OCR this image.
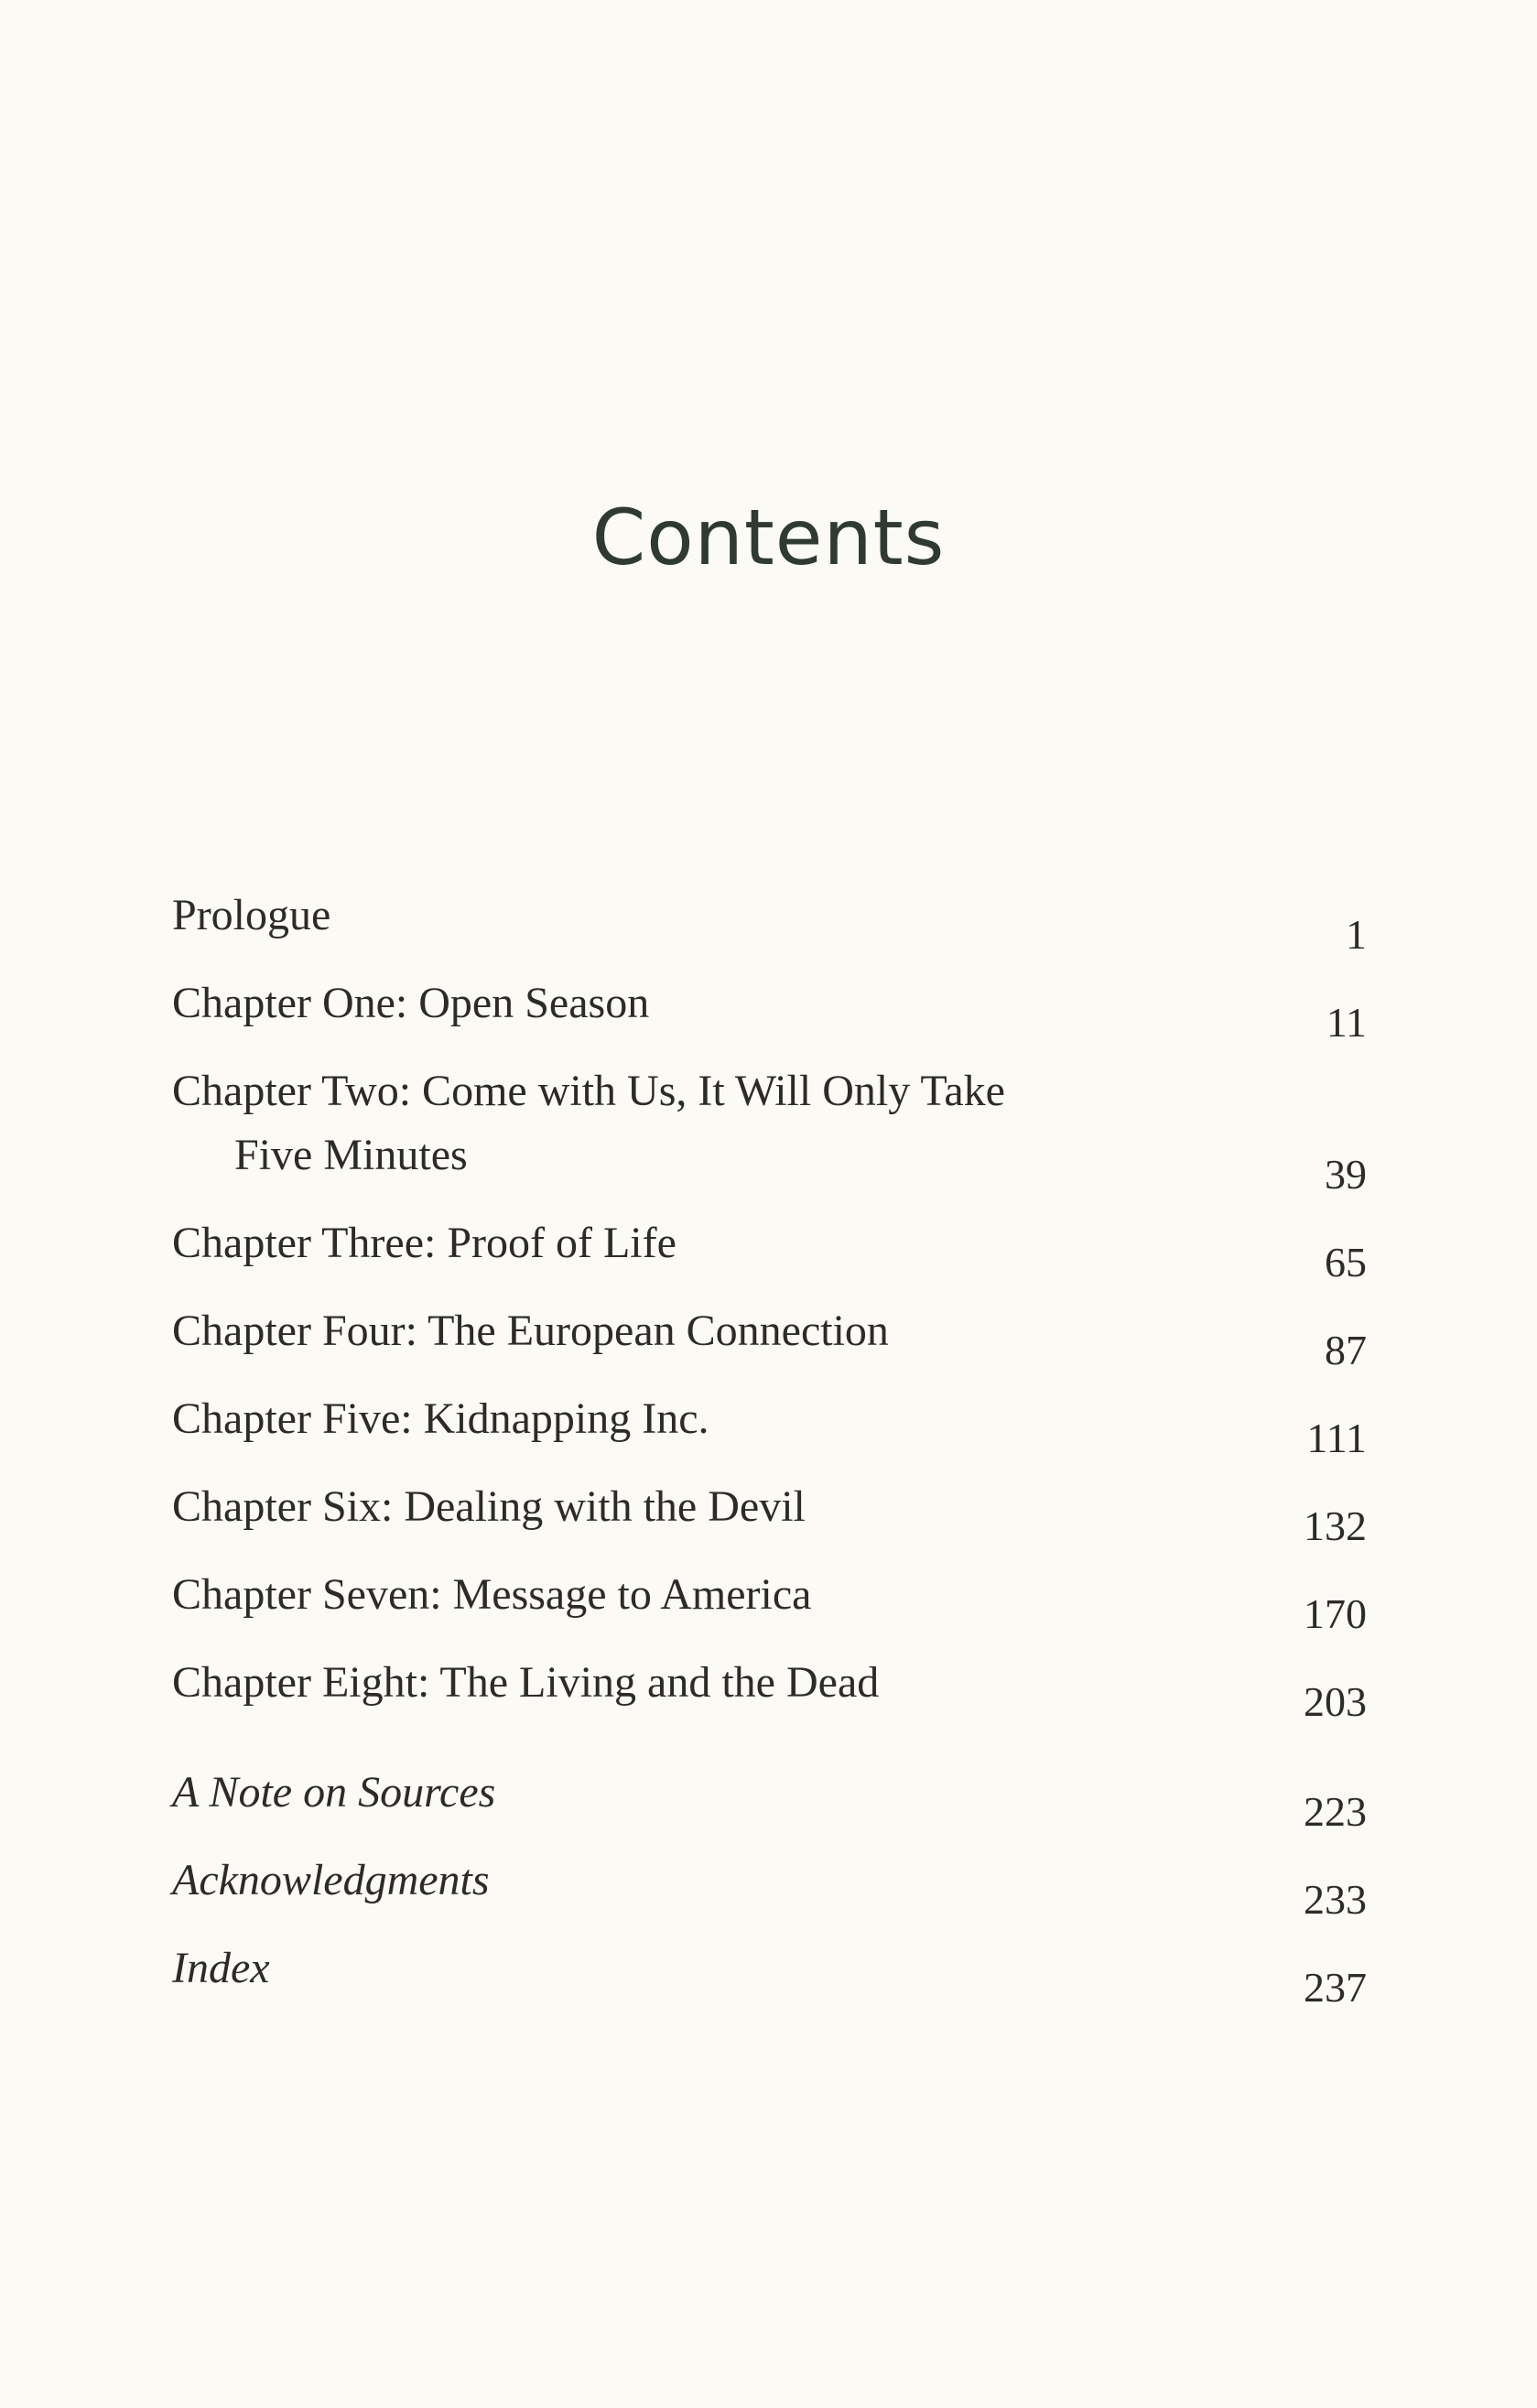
Contents
Prologue	1
Chapter One: Open Season	11
Chapter Two: Come with Us, It Will Only Take
Five Minutes	39
Chapter Three: Proof of Life	65
Chapter Four: The European Connection	87
Chapter Five: Kidnapping Inc.	111
Chapter Six: Dealing with the Devil	132
Chapter Seven: Message to America	170
Chapter Eight: The Living and the Dead	203
A Note on Sources	223
Acknowledgments	233
Index	237
